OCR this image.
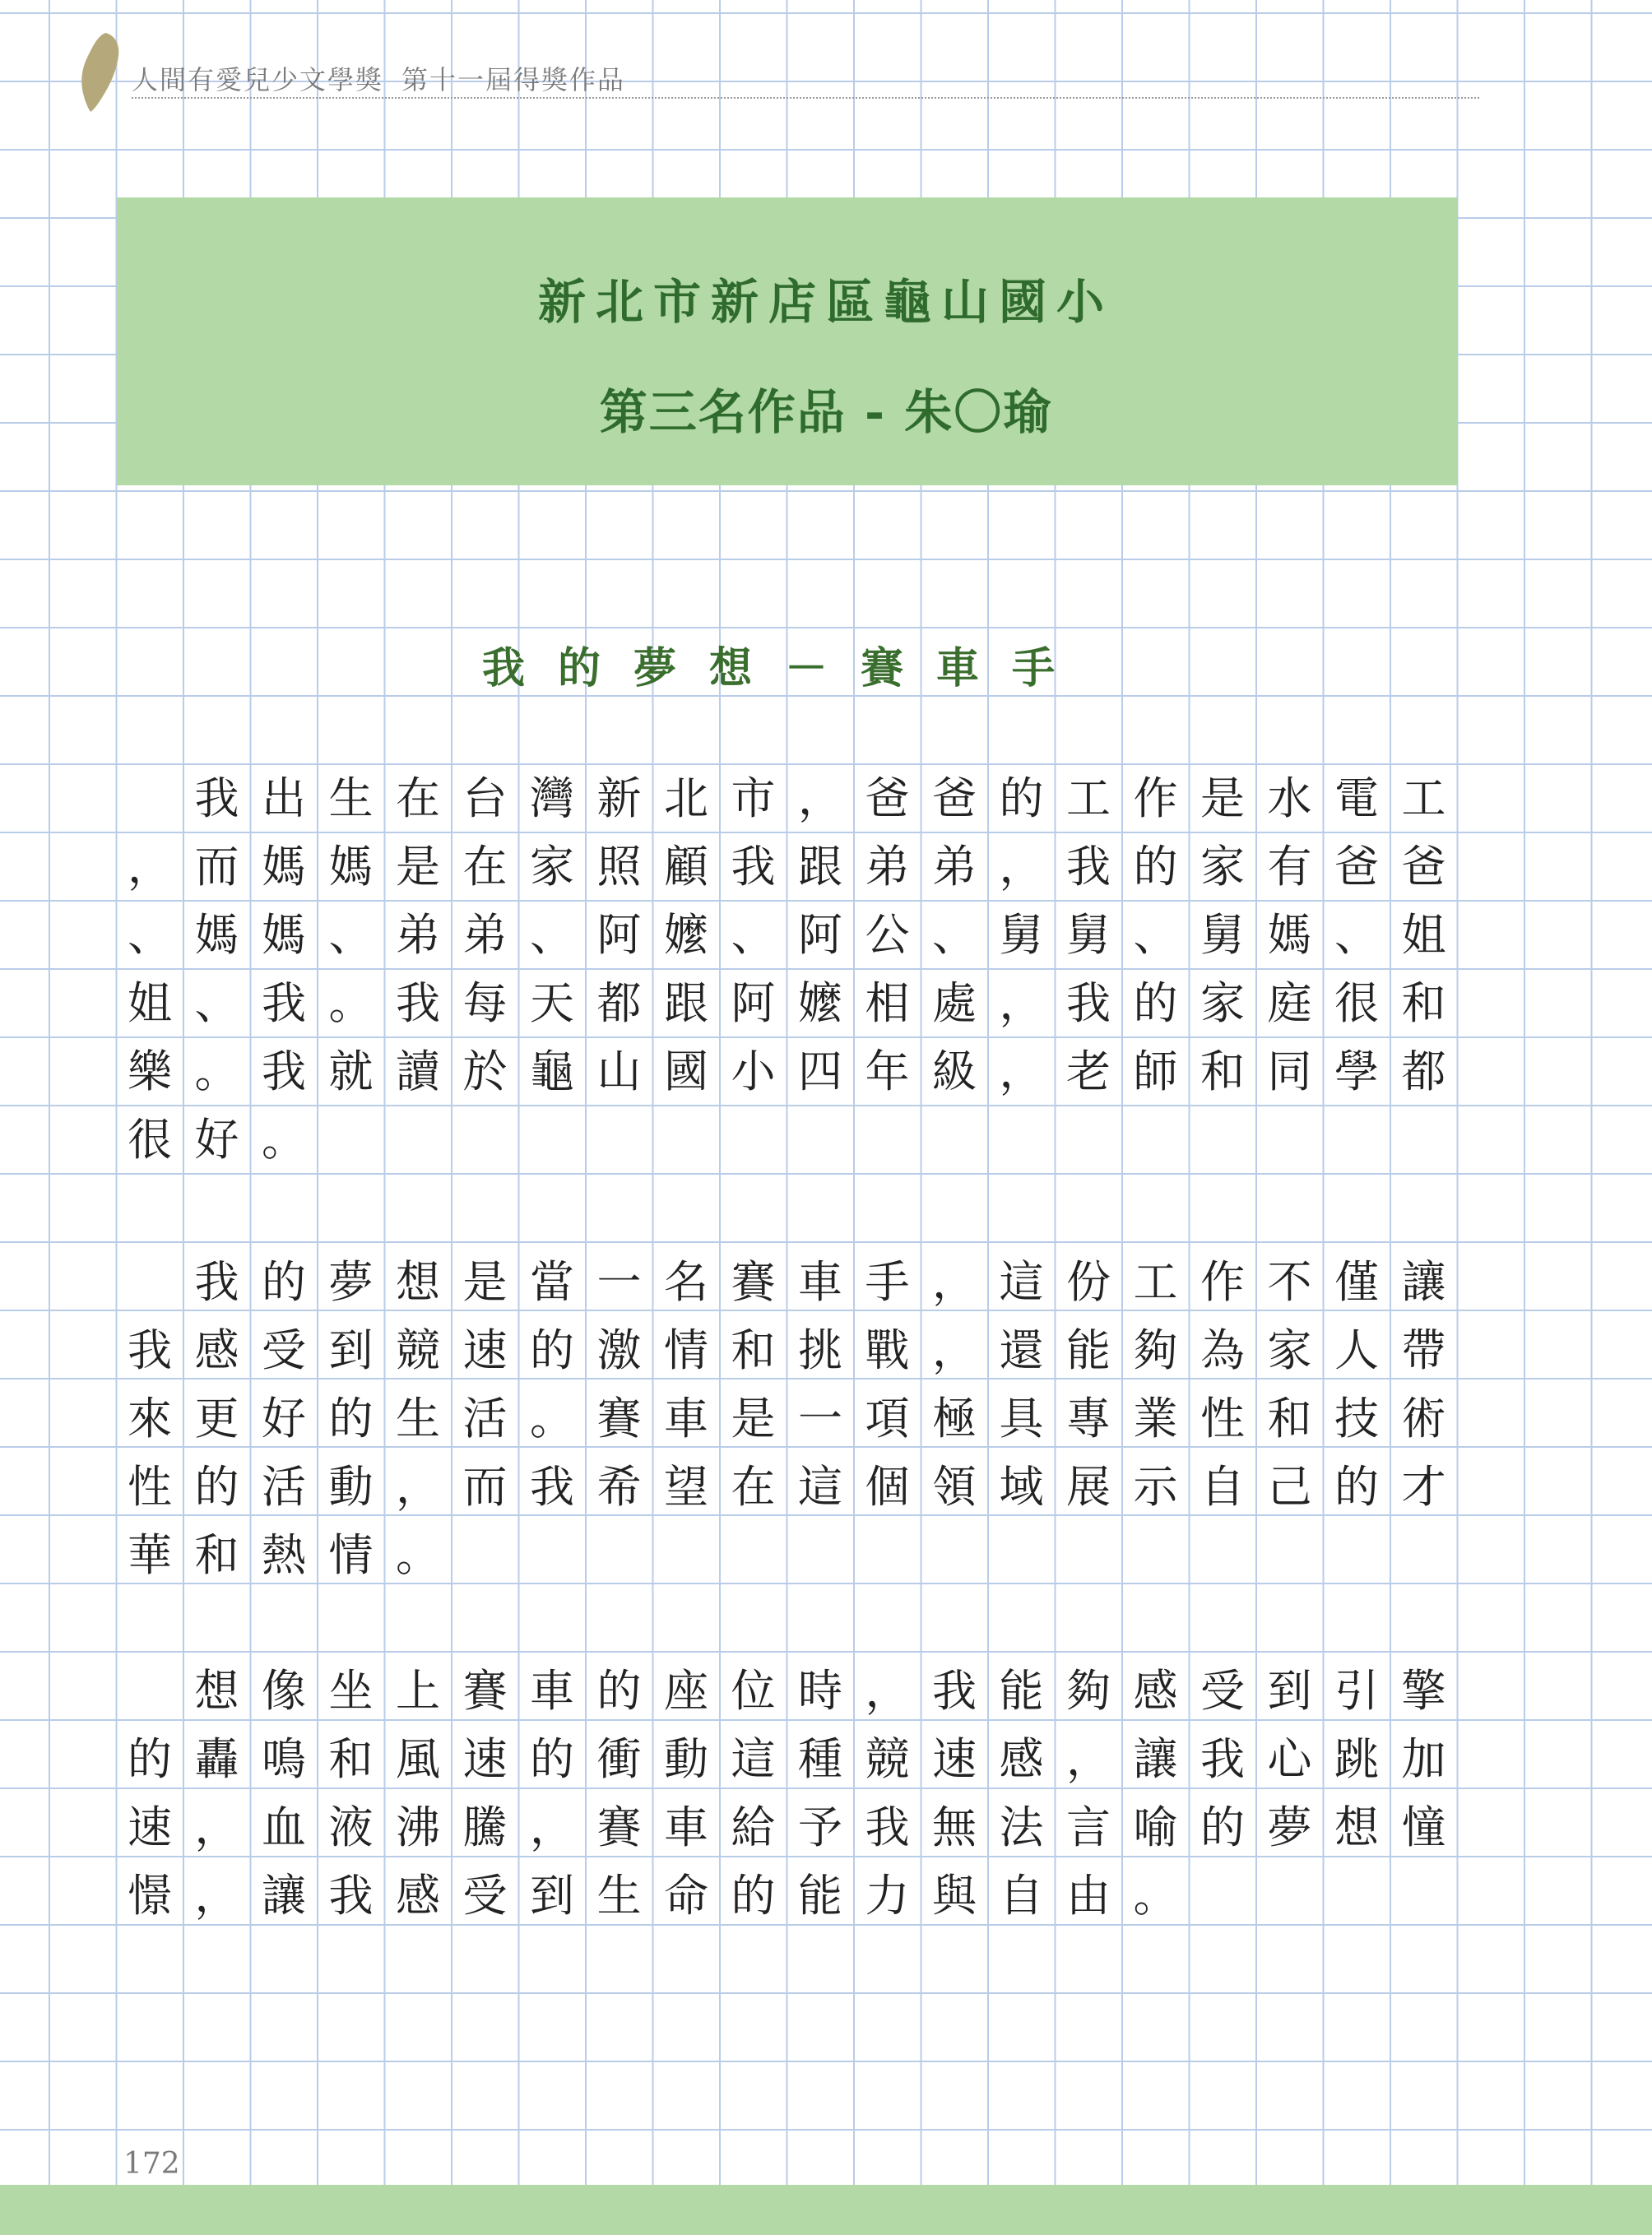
人間有愛兒少文學獎 第十一屆得獎作品
新北市新店區龜山國小
第三名作品 - 朱〇瑜
我的夢想－賽車手
我 出 生 在 台 灣 新 北 市 ， 爸 爸 的 工 作 是 水 電 工
， 而 媽 媽 是 在 家 照 顧 我 跟 弟 弟 ， 我 的 家 有 爸 爸
、 媽 媽 、 弟 弟 、 阿 嬤 、 阿 公 、 舅 舅 、 舅 媽 、 姐
姐 、 我 。 我 每 天 都 跟 阿 嬤 相 處 ， 我 的 家 庭 很 和
樂 。 我 就 讀 於 龜 山 國 小 四 年 級 ， 老 師 和 同 學 都
很 好 。
我 的 夢 想 是 當 一 名 賽 車 手 ， 這 份 工 作 不 僅 讓
我 感 受 到 競 速 的 激 情 和 挑 戰 ， 還 能 夠 為 家 人 帶
來 更 好 的 生 活 。 賽 車 是 一 項 極 具 專 業 性 和 技 術
性 的 活 動 ， 而 我 希 望 在 這 個 領 域 展 示 自 己 的 才
華 和 熱 情 。
想 像 坐 上 賽 車 的 座 位 時 ， 我 能 夠 感 受 到 引 擎
的 轟 鳴 和 風 速 的 衝 動 這 種 競 速 感 ， 讓 我 心 跳 加
速 ， 血 液 沸 騰 ， 賽 車 給 予 我 無 法 言 喻 的 夢 想 憧
憬 ， 讓 我 感 受 到 生 命 的 能 力 與 自 由 。
172
